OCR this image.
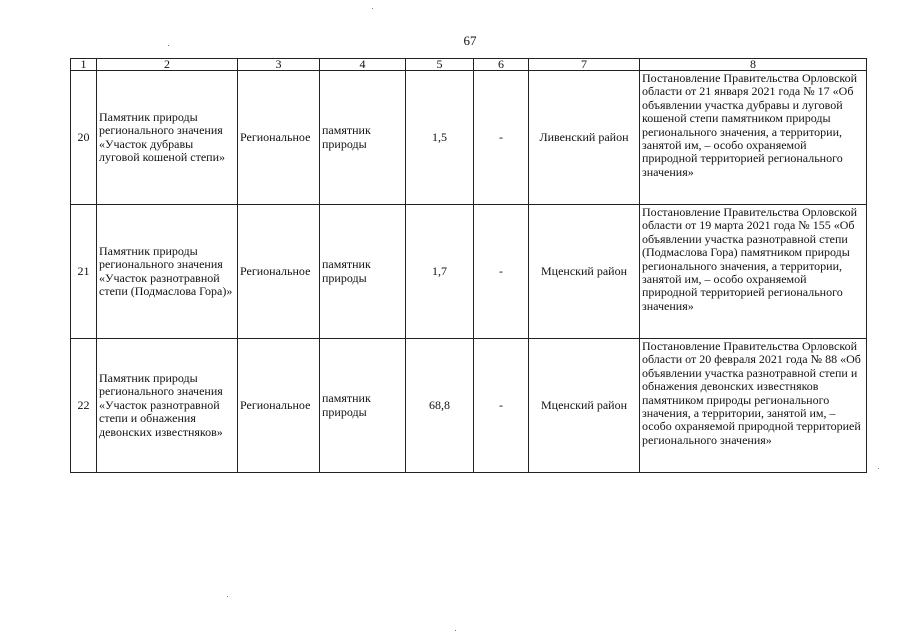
67
1	2	3	4	5	6	7	8
20	Памятник природы регионального значения «Участок дубравы луговой кошеной степи»	Региональное	памятник природы	1,5	-	Ливенский район	Постановление Правительства Орловской области от 21 января 2021 года № 17 «Об объявлении участка дубравы и луговой кошеной степи памятником природы регионального значения, а территории, занятой им, – особо охраняемой природной территорией регионального значения»
21	Памятник природы регионального значения «Участок разнотравной степи (Подмаслова Гора)»	Региональное	памятник природы	1,7	-	Мценский район	Постановление Правительства Орловской области от 19 марта 2021 года № 155 «Об объявлении участка разнотравной степи (Подмаслова Гора) памятником природы регионального значения, а территории, занятой им, – особо охраняемой природной территорией регионального значения»
22	Памятник природы регионального значения «Участок разнотравной степи и обнажения девонских известняков»	Региональное	памятник природы	68,8	-	Мценский район	Постановление Правительства Орловской области от 20 февраля 2021 года № 88 «Об объявлении участка разнотравной степи и обнажения девонских известняков памятником природы регионального значения, а территории, занятой им, – особо охраняемой природной территорией регионального значения»
